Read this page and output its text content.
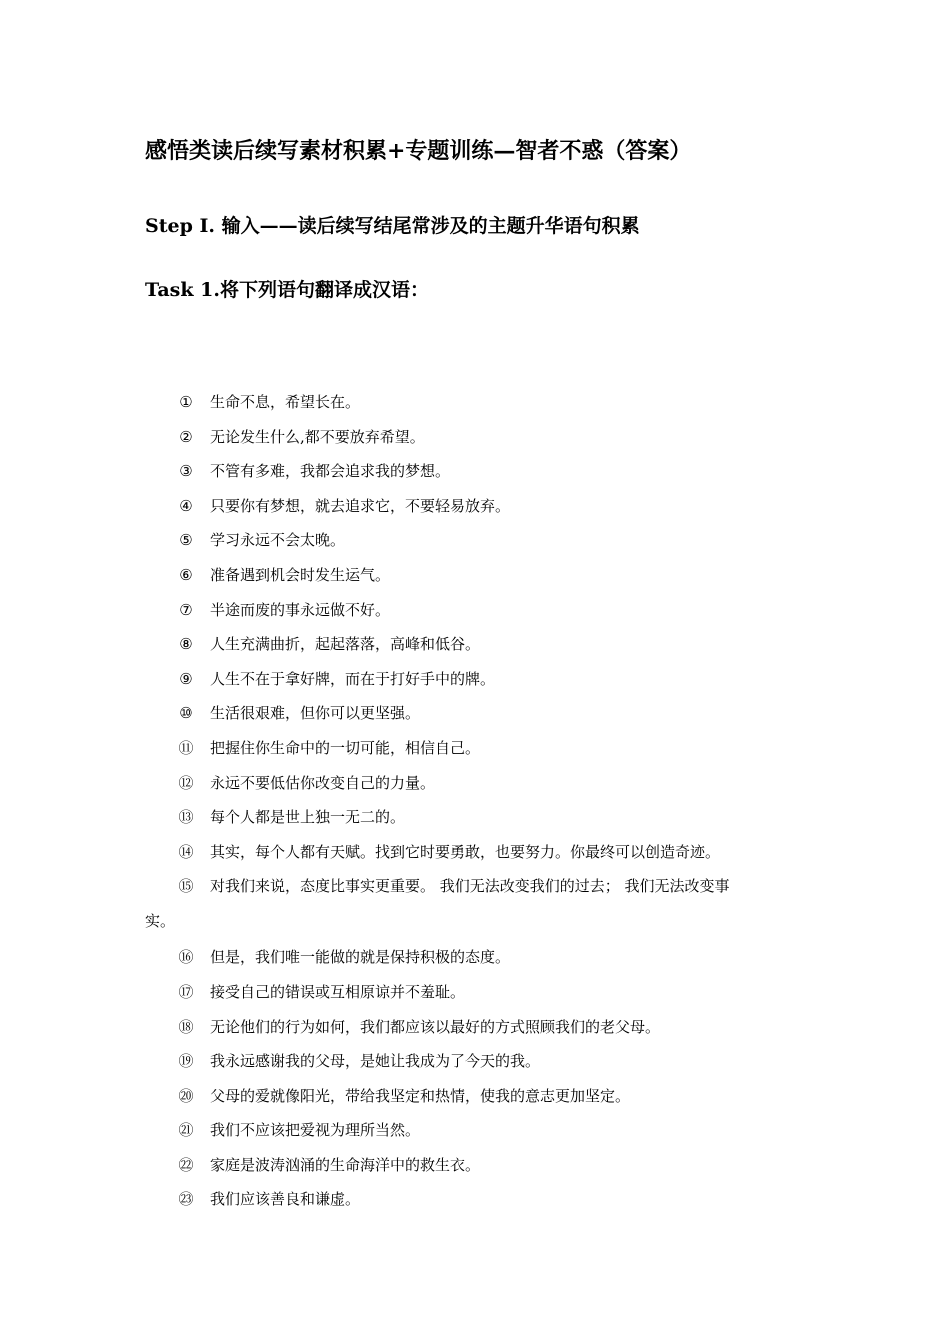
感悟类读后续写素材积累+专题训练—智者不惑（答案）
Step I. 输入——读后续写结尾常涉及的主题升华语句积累
Task 1.将下列语句翻译成汉语：
① 生命不息，希望长在。
② 无论发生什么,都不要放弃希望。
③ 不管有多难，我都会追求我的梦想。
④ 只要你有梦想，就去追求它，不要轻易放弃。
⑤ 学习永远不会太晚。
⑥ 准备遇到机会时发生运气。
⑦ 半途而废的事永远做不好。
⑧ 人生充满曲折，起起落落，高峰和低谷。
⑨ 人生不在于拿好牌，而在于打好手中的牌。
⑩ 生活很艰难，但你可以更坚强。
⑪ 把握住你生命中的一切可能，相信自己。
⑫ 永远不要低估你改变自己的力量。
⑬ 每个人都是世上独一无二的。
⑭ 其实，每个人都有天赋。找到它时要勇敢，也要努力。你最终可以创造奇迹。
⑮ 对我们来说，态度比事实更重要。 我们无法改变我们的过去； 我们无法改变事
实。
⑯ 但是，我们唯一能做的就是保持积极的态度。
⑰ 接受自己的错误或互相原谅并不羞耻。
⑱ 无论他们的行为如何，我们都应该以最好的方式照顾我们的老父母。
⑲ 我永远感谢我的父母，是她让我成为了今天的我。
⑳ 父母的爱就像阳光，带给我坚定和热情，使我的意志更加坚定。
㉑ 我们不应该把爱视为理所当然。
㉒ 家庭是波涛汹涌的生命海洋中的救生衣。
㉓ 我们应该善良和谦虚。
